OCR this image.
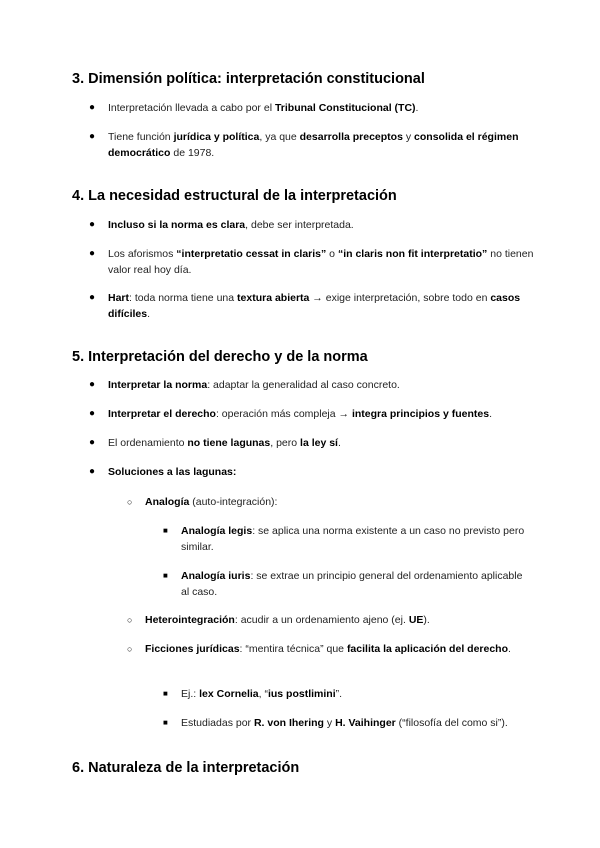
3. Dimensión política: interpretación constitucional
● Interpretación llevada a cabo por el Tribunal Constitucional (TC).
● Tiene función jurídica y política, ya que desarrolla preceptos y consolida el régimen democrático de 1978.
4. La necesidad estructural de la interpretación
● Incluso si la norma es clara, debe ser interpretada.
● Los aforismos “interpretatio cessat in claris” o “in claris non fit interpretatio” no tienen valor real hoy día.
● Hart: toda norma tiene una textura abierta → exige interpretación, sobre todo en casos difíciles.
5. Interpretación del derecho y de la norma
● Interpretar la norma: adaptar la generalidad al caso concreto.
● Interpretar el derecho: operación más compleja → integra principios y fuentes.
● El ordenamiento no tiene lagunas, pero la ley sí.
● Soluciones a las lagunas:
○ Analogía (auto-integración):
■ Analogía legis: se aplica una norma existente a un caso no previsto pero similar.
■ Analogía iuris: se extrae un principio general del ordenamiento aplicable al caso.
○ Heterointegración: acudir a un ordenamiento ajeno (ej. UE).
○ Ficciones jurídicas: “mentira técnica” que facilita la aplicación del derecho.
■ Ej.: lex Cornelia, “ius postlimini”.
■ Estudiadas por R. von Ihering y H. Vaihinger (“filosofía del como si”).
6. Naturaleza de la interpretación
